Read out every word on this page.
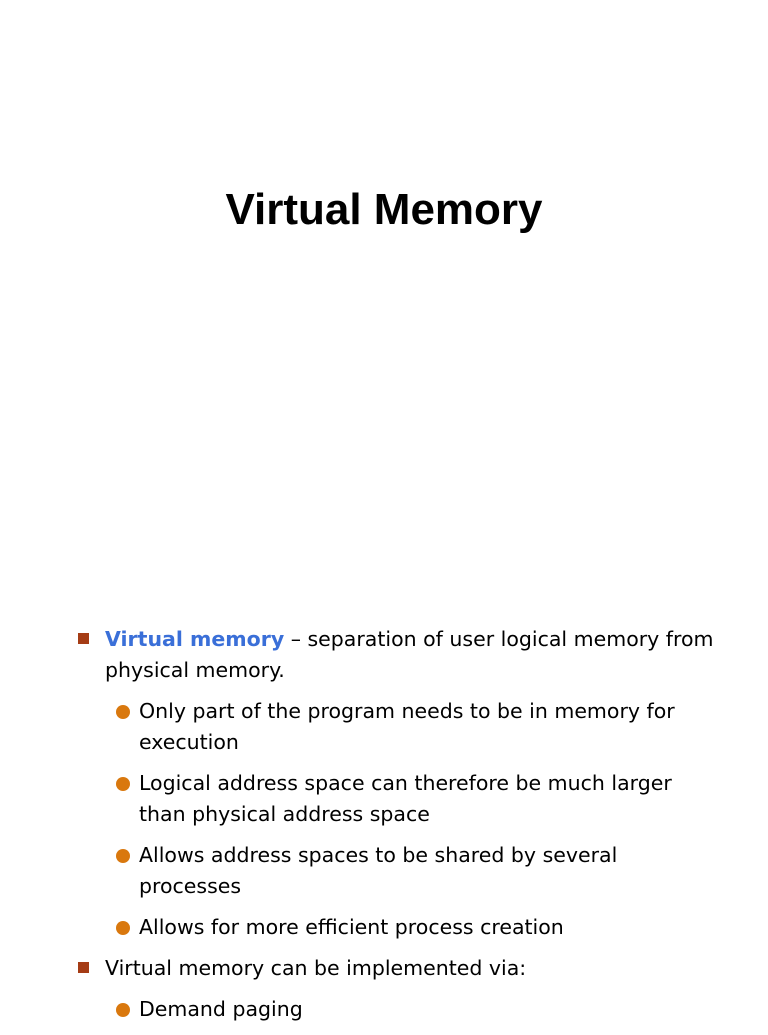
Virtual Memory
Virtual memory – separation of user logical memory from physical memory.
Only part of the program needs to be in memory for execution
Logical address space can therefore be much larger than physical address space
Allows address spaces to be shared by several processes
Allows for more efficient process creation
Virtual memory can be implemented via:
Demand paging
